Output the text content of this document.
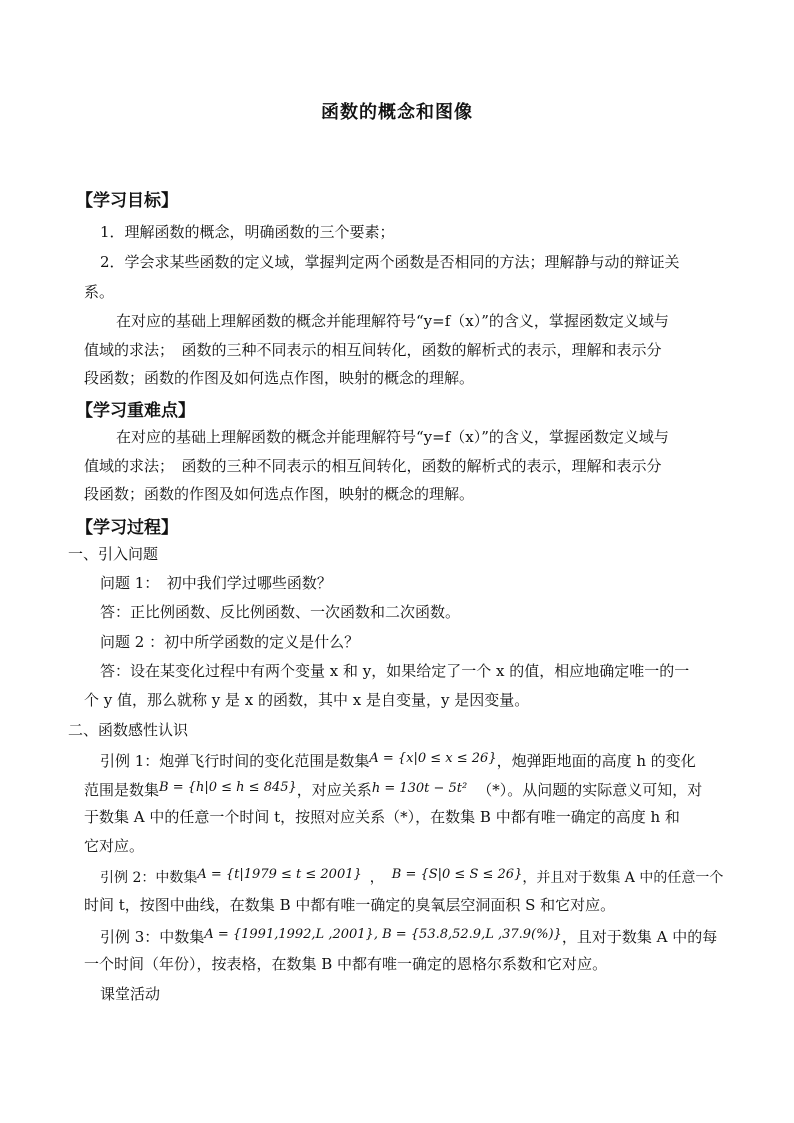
函数的概念和图像
【学习目标】
1．理解函数的概念，明确函数的三个要素；
2．学会求某些函数的定义域，掌握判定两个函数是否相同的方法；理解静与动的辩证关
系。
在对应的基础上理解函数的概念并能理解符号“y=f（x）”的含义，掌握函数定义域与
值域的求法；　函数的三种不同表示的相互间转化，函数的解析式的表示，理解和表示分
段函数；函数的作图及如何选点作图，映射的概念的理解。
【学习重难点】
在对应的基础上理解函数的概念并能理解符号“y=f（x）”的含义，掌握函数定义域与
值域的求法；　函数的三种不同表示的相互间转化，函数的解析式的表示，理解和表示分
段函数；函数的作图及如何选点作图，映射的概念的理解。
【学习过程】
一、引入问题
问题 1：　初中我们学过哪些函数？
答：正比例函数、反比例函数、一次函数和二次函数。
问题 2 ：初中所学函数的定义是什么？
答：设在某变化过程中有两个变量 x 和 y，如果给定了一个 x 的值，相应地确定唯一的一
个 y 值，那么就称 y 是 x 的函数，其中 x 是自变量，y 是因变量。
二、函数感性认识
引例 1：炮弹飞行时间的变化范围是数集A = {x|0 ≤ x ≤ 26}，炮弹距地面的高度 h 的变化
范围是数集B = {h|0 ≤ h ≤ 845}，对应关系h = 130t − 5t² （*）。从问题的实际意义可知，对
于数集 A 中的任意一个时间 t，按照对应关系（*），在数集 B 中都有唯一确定的高度 h 和
它对应。
引例 2：中数集A = {t|1979 ≤ t ≤ 2001} ， B = {S|0 ≤ S ≤ 26}，并且对于数集 A 中的任意一个
时间 t，按图中曲线，在数集 B 中都有唯一确定的臭氧层空洞面积 S 和它对应。
引例 3：中数集A = {1991,1992,L ,2001}, B = {53.8,52.9,L ,37.9(%)}，且对于数集 A 中的每
一个时间（年份），按表格，在数集 B 中都有唯一确定的恩格尔系数和它对应。
课堂活动
